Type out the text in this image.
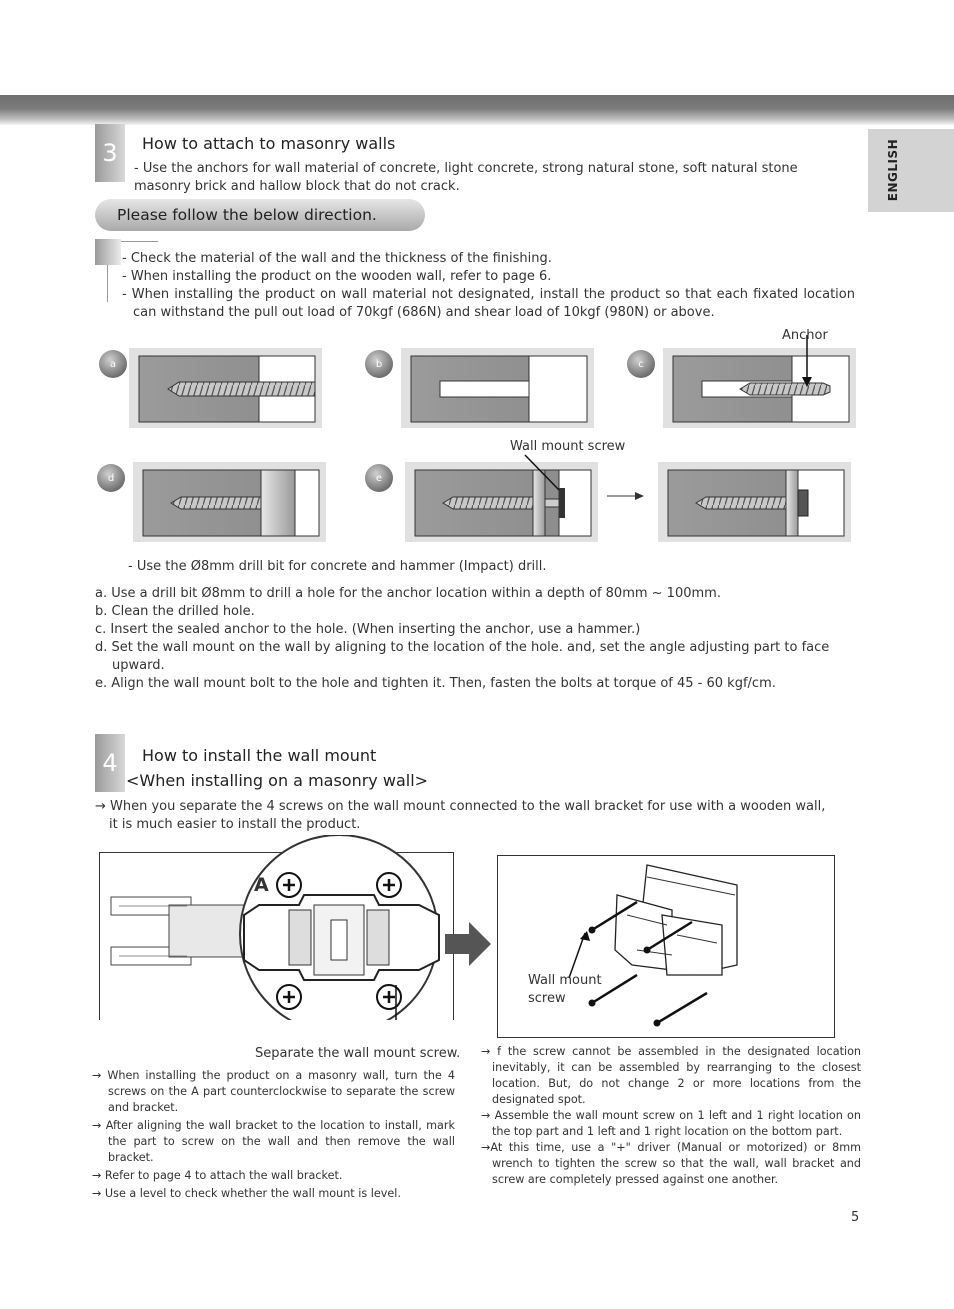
ENGLISH
3 How to attach to masonry walls
- Use the anchors for wall material of concrete, light concrete, strong natural stone, soft natural stone masonry brick and hallow block that do not crack.
Please follow the below direction.
- Check the material of the wall and the thickness of the finishing.
- When installing the product on the wooden wall, refer to page 6.
- When installing the product on wall material not designated, install the product so that each fixated location can withstand the pull out load of 70kgf (686N) and shear load of 10kgf (980N) or above.
a	b	c
d	e
Anchor
Wall mount screw
- Use the Ø8mm drill bit for concrete and hammer (Impact) drill.
a. Use a drill bit Ø8mm to drill a hole for the anchor location within a depth of 80mm ~ 100mm.
b. Clean the drilled hole.
c. Insert the sealed anchor to the hole. (When inserting the anchor, use a hammer.)
d. Set the wall mount on the wall by aligning to the location of the hole. and, set the angle adjusting part to face upward.
e. Align the wall mount bolt to the hole and tighten it. Then, fasten the bolts at torque of 45 - 60 kgf/cm.
4 How to install the wall mount
<When installing on a masonry wall>
→ When you separate the 4 screws on the wall mount connected to the wall bracket for use with a wooden wall, it is much easier to install the product.
A
Separate the wall mount screw.
Wall mount screw
→ When installing the product on a masonry wall, turn the 4 screws on the A part counterclockwise to separate the screw and bracket.
→ After aligning the wall bracket to the location to install, mark the part to screw on the wall and then remove the wall bracket.
→ Refer to page 4 to attach the wall bracket.
→ Use a level to check whether the wall mount is level.
→ f the screw cannot be assembled in the designated location inevitably, it can be assembled by rearranging to the closest location. But, do not change 2 or more locations from the designated spot.
→ Assemble the wall mount screw on 1 left and 1 right location on the top part and 1 left and 1 right location on the bottom part.
→At this time, use a "+" driver (Manual or motorized) or 8mm wrench to tighten the screw so that the wall, wall bracket and screw are completely pressed against one another.
5
